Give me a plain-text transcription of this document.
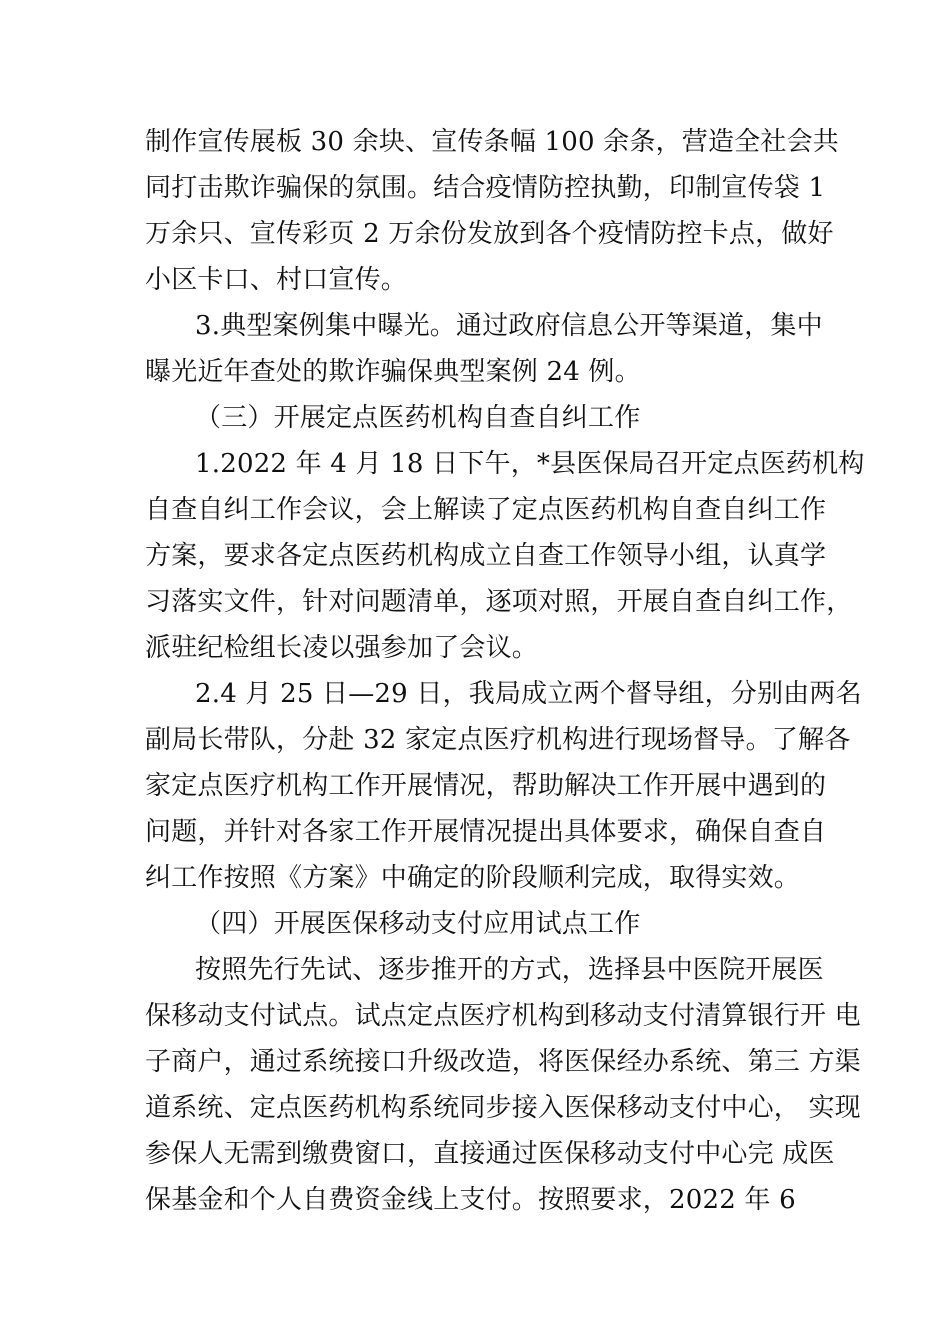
制作宣传展板 30 余块、宣传条幅 100 余条，营造全社会共
同打击欺诈骗保的氛围。结合疫情防控执勤，印制宣传袋 1
万余只、宣传彩页 2 万余份发放到各个疫情防控卡点，做好
小区卡口、村口宣传。
3.典型案例集中曝光。通过政府信息公开等渠道，集中
曝光近年查处的欺诈骗保典型案例 24 例。
（三）开展定点医药机构自查自纠工作
1.2022 年 4 月 18 日下午，*县医保局召开定点医药机构
自查自纠工作会议，会上解读了定点医药机构自查自纠工作
方案，要求各定点医药机构成立自查工作领导小组，认真学
习落实文件，针对问题清单，逐项对照，开展自查自纠工作，
派驻纪检组长凌以强参加了会议。
2.4 月 25 日—29 日，我局成立两个督导组，分别由两名
副局长带队，分赴 32 家定点医疗机构进行现场督导。了解各
家定点医疗机构工作开展情况，帮助解决工作开展中遇到的
问题，并针对各家工作开展情况提出具体要求，确保自查自
纠工作按照《方案》中确定的阶段顺利完成，取得实效。
（四）开展医保移动支付应用试点工作
按照先行先试、逐步推开的方式，选择县中医院开展医
保移动支付试点。试点定点医疗机构到移动支付清算银行开 电
子商户，通过系统接口升级改造，将医保经办系统、第三 方渠
道系统、定点医药机构系统同步接入医保移动支付中心， 实现
参保人无需到缴费窗口，直接通过医保移动支付中心完 成医
保基金和个人自费资金线上支付。按照要求，2022 年 6
